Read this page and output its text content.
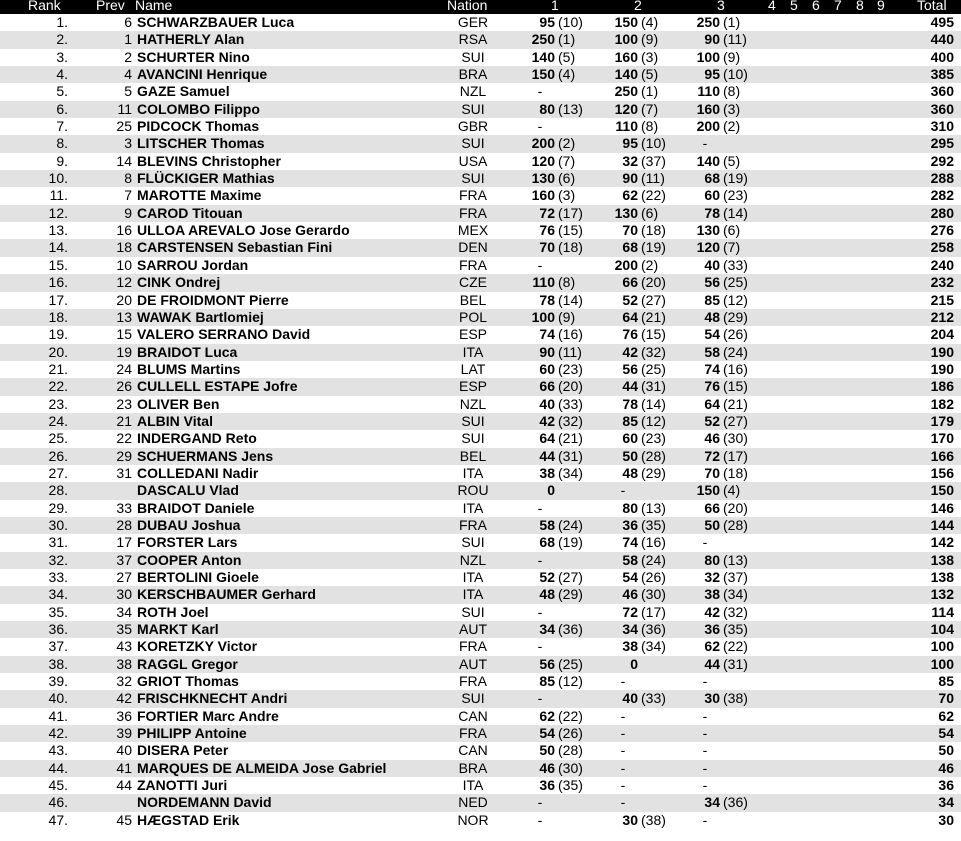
Rank	Prev Name	Nation	1	2	3	4 5 6 7 8 9 Total
1.	6 SCHWARZBAUER Luca	GER	95 (10)	150 (4)	250 (1)	495
2.	1 HATHERLY Alan	RSA	250 (1)	100 (9)	90 (11)	440
3.	2 SCHURTER Nino	SUI	140 (5)	160 (3)	100 (9)	400
4.	4 AVANCINI Henrique	BRA	150 (4)	140 (5)	95 (10)	385
5.	5 GAZE Samuel	NZL	-	250 (1)	110 (8)	360
6.	11 COLOMBO Filippo	SUI	80 (13)	120 (7)	160 (3)	360
7.	25 PIDCOCK Thomas	GBR	-	110 (8)	200 (2)	310
8.	3 LITSCHER Thomas	SUI	200 (2)	95 (10)	-	295
9.	14 BLEVINS Christopher	USA	120 (7)	32 (37)	140 (5)	292
10.	8 FLÜCKIGER Mathias	SUI	130 (6)	90 (11)	68 (19)	288
11.	7 MAROTTE Maxime	FRA	160 (3)	62 (22)	60 (23)	282
12.	9 CAROD Titouan	FRA	72 (17)	130 (6)	78 (14)	280
13.	16 ULLOA AREVALO Jose Gerardo	MEX	76 (15)	70 (18)	130 (6)	276
14.	18 CARSTENSEN Sebastian Fini	DEN	70 (18)	68 (19)	120 (7)	258
15.	10 SARROU Jordan	FRA	-	200 (2)	40 (33)	240
16.	12 CINK Ondrej	CZE	110 (8)	66 (20)	56 (25)	232
17.	20 DE FROIDMONT Pierre	BEL	78 (14)	52 (27)	85 (12)	215
18.	13 WAWAK Bartlomiej	POL	100 (9)	64 (21)	48 (29)	212
19.	15 VALERO SERRANO David	ESP	74 (16)	76 (15)	54 (26)	204
20.	19 BRAIDOT Luca	ITA	90 (11)	42 (32)	58 (24)	190
21.	24 BLUMS Martins	LAT	60 (23)	56 (25)	74 (16)	190
22.	26 CULLELL ESTAPE Jofre	ESP	66 (20)	44 (31)	76 (15)	186
23.	23 OLIVER Ben	NZL	40 (33)	78 (14)	64 (21)	182
24.	21 ALBIN Vital	SUI	42 (32)	85 (12)	52 (27)	179
25.	22 INDERGAND Reto	SUI	64 (21)	60 (23)	46 (30)	170
26.	29 SCHUERMANS Jens	BEL	44 (31)	50 (28)	72 (17)	166
27.	31 COLLEDANI Nadir	ITA	38 (34)	48 (29)	70 (18)	156
28.	DASCALU Vlad	ROU	0	-	150 (4)	150
29.	33 BRAIDOT Daniele	ITA	-	80 (13)	66 (20)	146
30.	28 DUBAU Joshua	FRA	58 (24)	36 (35)	50 (28)	144
31.	17 FORSTER Lars	SUI	68 (19)	74 (16)	-	142
32.	37 COOPER Anton	NZL	-	58 (24)	80 (13)	138
33.	27 BERTOLINI Gioele	ITA	52 (27)	54 (26)	32 (37)	138
34.	30 KERSCHBAUMER Gerhard	ITA	48 (29)	46 (30)	38 (34)	132
35.	34 ROTH Joel	SUI	-	72 (17)	42 (32)	114
36.	35 MARKT Karl	AUT	34 (36)	34 (36)	36 (35)	104
37.	43 KORETZKY Victor	FRA	-	38 (34)	62 (22)	100
38.	38 RAGGL Gregor	AUT	56 (25)	0	44 (31)	100
39.	32 GRIOT Thomas	FRA	85 (12)	-	-	85
40.	42 FRISCHKNECHT Andri	SUI	-	40 (33)	30 (38)	70
41.	36 FORTIER Marc Andre	CAN	62 (22)	-	-	62
42.	39 PHILIPP Antoine	FRA	54 (26)	-	-	54
43.	40 DISERA Peter	CAN	50 (28)	-	-	50
44.	41 MARQUES DE ALMEIDA Jose Gabriel	BRA	46 (30)	-	-	46
45.	44 ZANOTTI Juri	ITA	36 (35)	-	-	36
46.	NORDEMANN David	NED	-	-	34 (36)	34
47.	45 HÆGSTAD Erik	NOR	-	30 (38)	-	30
